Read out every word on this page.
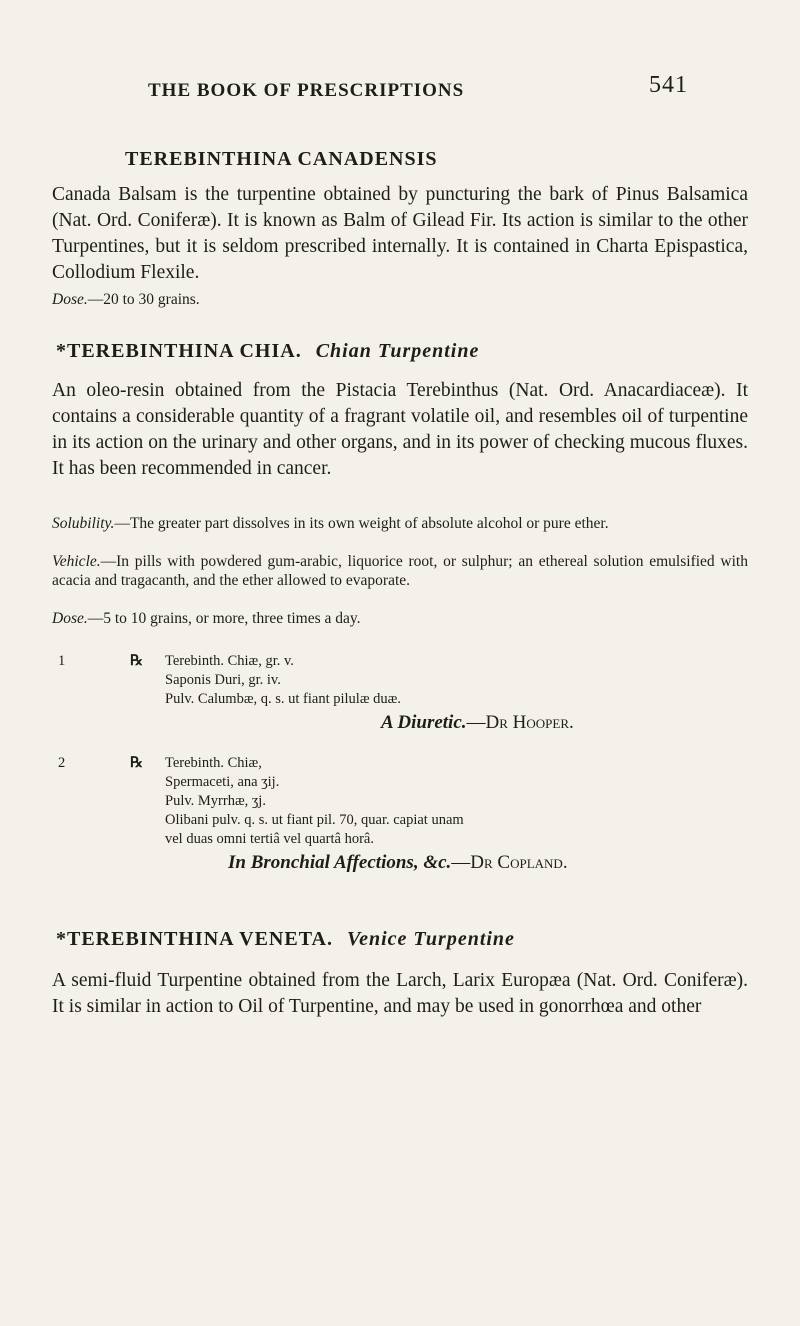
THE BOOK OF PRESCRIPTIONS	541
TEREBINTHINA CANADENSIS

Canada Balsam is the turpentine obtained by puncturing the bark of Pinus Balsamica (Nat. Ord. Coniferæ). It is known as Balm of Gilead Fir. Its action is similar to the other Turpentines, but it is seldom prescribed internally. It is contained in Charta Epispastica, Collodium Flexile.

Dose.—20 to 30 grains.

*TEREBINTHINA CHIA. Chian Turpentine

An oleo-resin obtained from the Pistacia Terebinthus (Nat. Ord. Anacardiaceæ). It contains a considerable quantity of a fragrant volatile oil, and resembles oil of turpentine in its action on the urinary and other organs, and in its power of checking mucous fluxes. It has been recommended in cancer.

Solubility.—The greater part dissolves in its own weight of absolute alcohol or pure ether.

Vehicle.—In pills with powdered gum-arabic, liquorice root, or sulphur; an ethereal solution emulsified with acacia and tragacanth, and the ether allowed to evaporate.

Dose.—5 to 10 grains, or more, three times a day.

1	℞ Terebinth. Chiæ, gr. v.
Saponis Duri, gr. iv.
Pulv. Calumbæ, q. s. ut fiant pilulæ duæ.
A Diuretic.—Dr Hooper.
2	℞ Terebinth. Chiæ,
Spermaceti, ana ʒij.
Pulv. Myrrhæ, ʒj.
Olibani pulv. q. s. ut fiant pil. 70, quar. capiat unam
vel duas omni tertiâ vel quartâ horâ.
In Bronchial Affections, &c.—Dr Copland.
*TEREBINTHINA VENETA. Venice Turpentine

A semi-fluid Turpentine obtained from the Larch, Larix Europæa (Nat. Ord. Coniferæ). It is similar in action to Oil of Turpentine, and may be used in gonorrhœa and other
